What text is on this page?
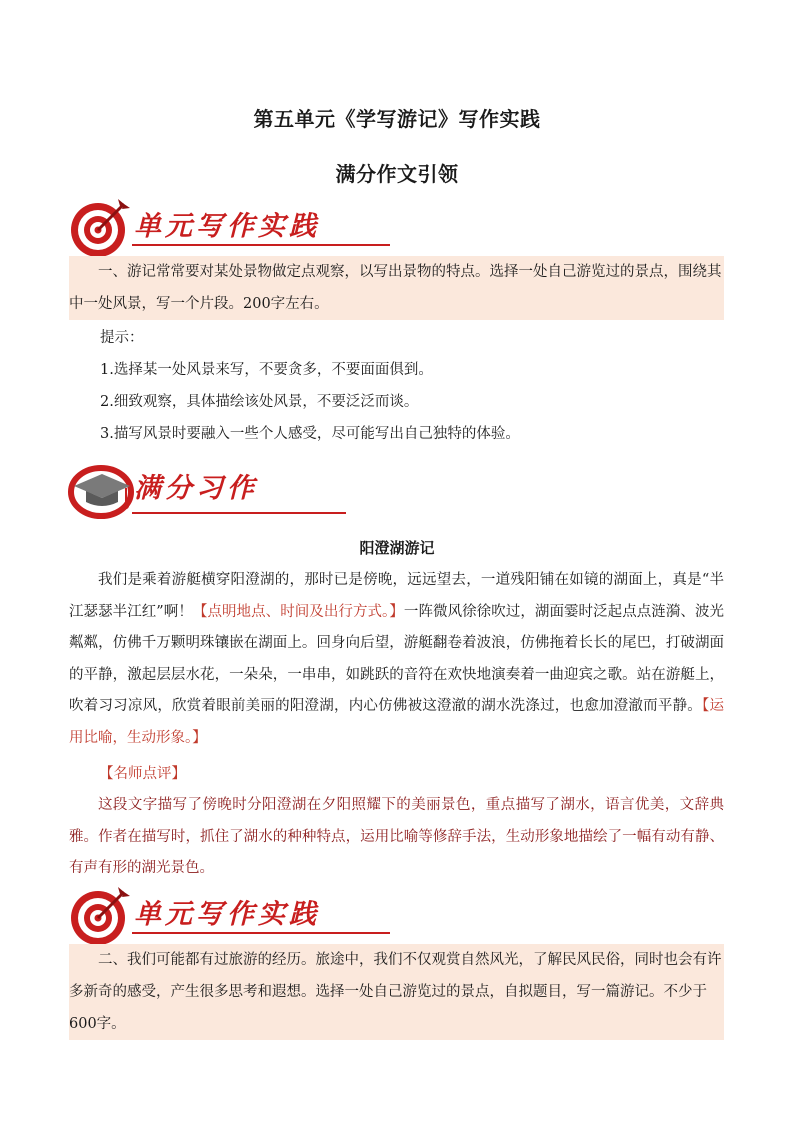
第五单元《学写游记》写作实践
满分作文引领
单元写作实践

一、游记常常要对某处景物做定点观察，以写出景物的特点。选择一处自己游览过的景点，围绕其中一处风景，写一个片段。200字左右。

提示：
1.选择某一处风景来写，不要贪多，不要面面俱到。
2.细致观察，具体描绘该处风景，不要泛泛而谈。
3.描写风景时要融入一些个人感受，尽可能写出自己独特的体验。
满分习作
阳澄湖游记
我们是乘着游艇横穿阳澄湖的，那时已是傍晚，远远望去，一道残阳铺在如镜的湖面上，真是“半江瑟瑟半江红”啊！【点明地点、时间及出行方式。】一阵微风徐徐吹过，湖面霎时泛起点点涟漪、波光粼粼，仿佛千万颗明珠镶嵌在湖面上。回身向后望，游艇翻卷着波浪，仿佛拖着长长的尾巴，打破湖面的平静，激起层层水花，一朵朵，一串串，如跳跃的音符在欢快地演奏着一曲迎宾之歌。站在游艇上，吹着习习凉风，欣赏着眼前美丽的阳澄湖，内心仿佛被这澄澈的湖水洗涤过，也愈加澄澈而平静。【运用比喻，生动形象。】
【名师点评】
这段文字描写了傍晚时分阳澄湖在夕阳照耀下的美丽景色，重点描写了湖水，语言优美，文辞典雅。作者在描写时，抓住了湖水的种种特点，运用比喻等修辞手法，生动形象地描绘了一幅有动有静、有声有形的湖光景色。
单元写作实践

二、我们可能都有过旅游的经历。旅途中，我们不仅观赏自然风光，了解民风民俗，同时也会有许多新奇的感受，产生很多思考和遐想。选择一处自己游览过的景点，自拟题目，写一篇游记。不少于600字。
